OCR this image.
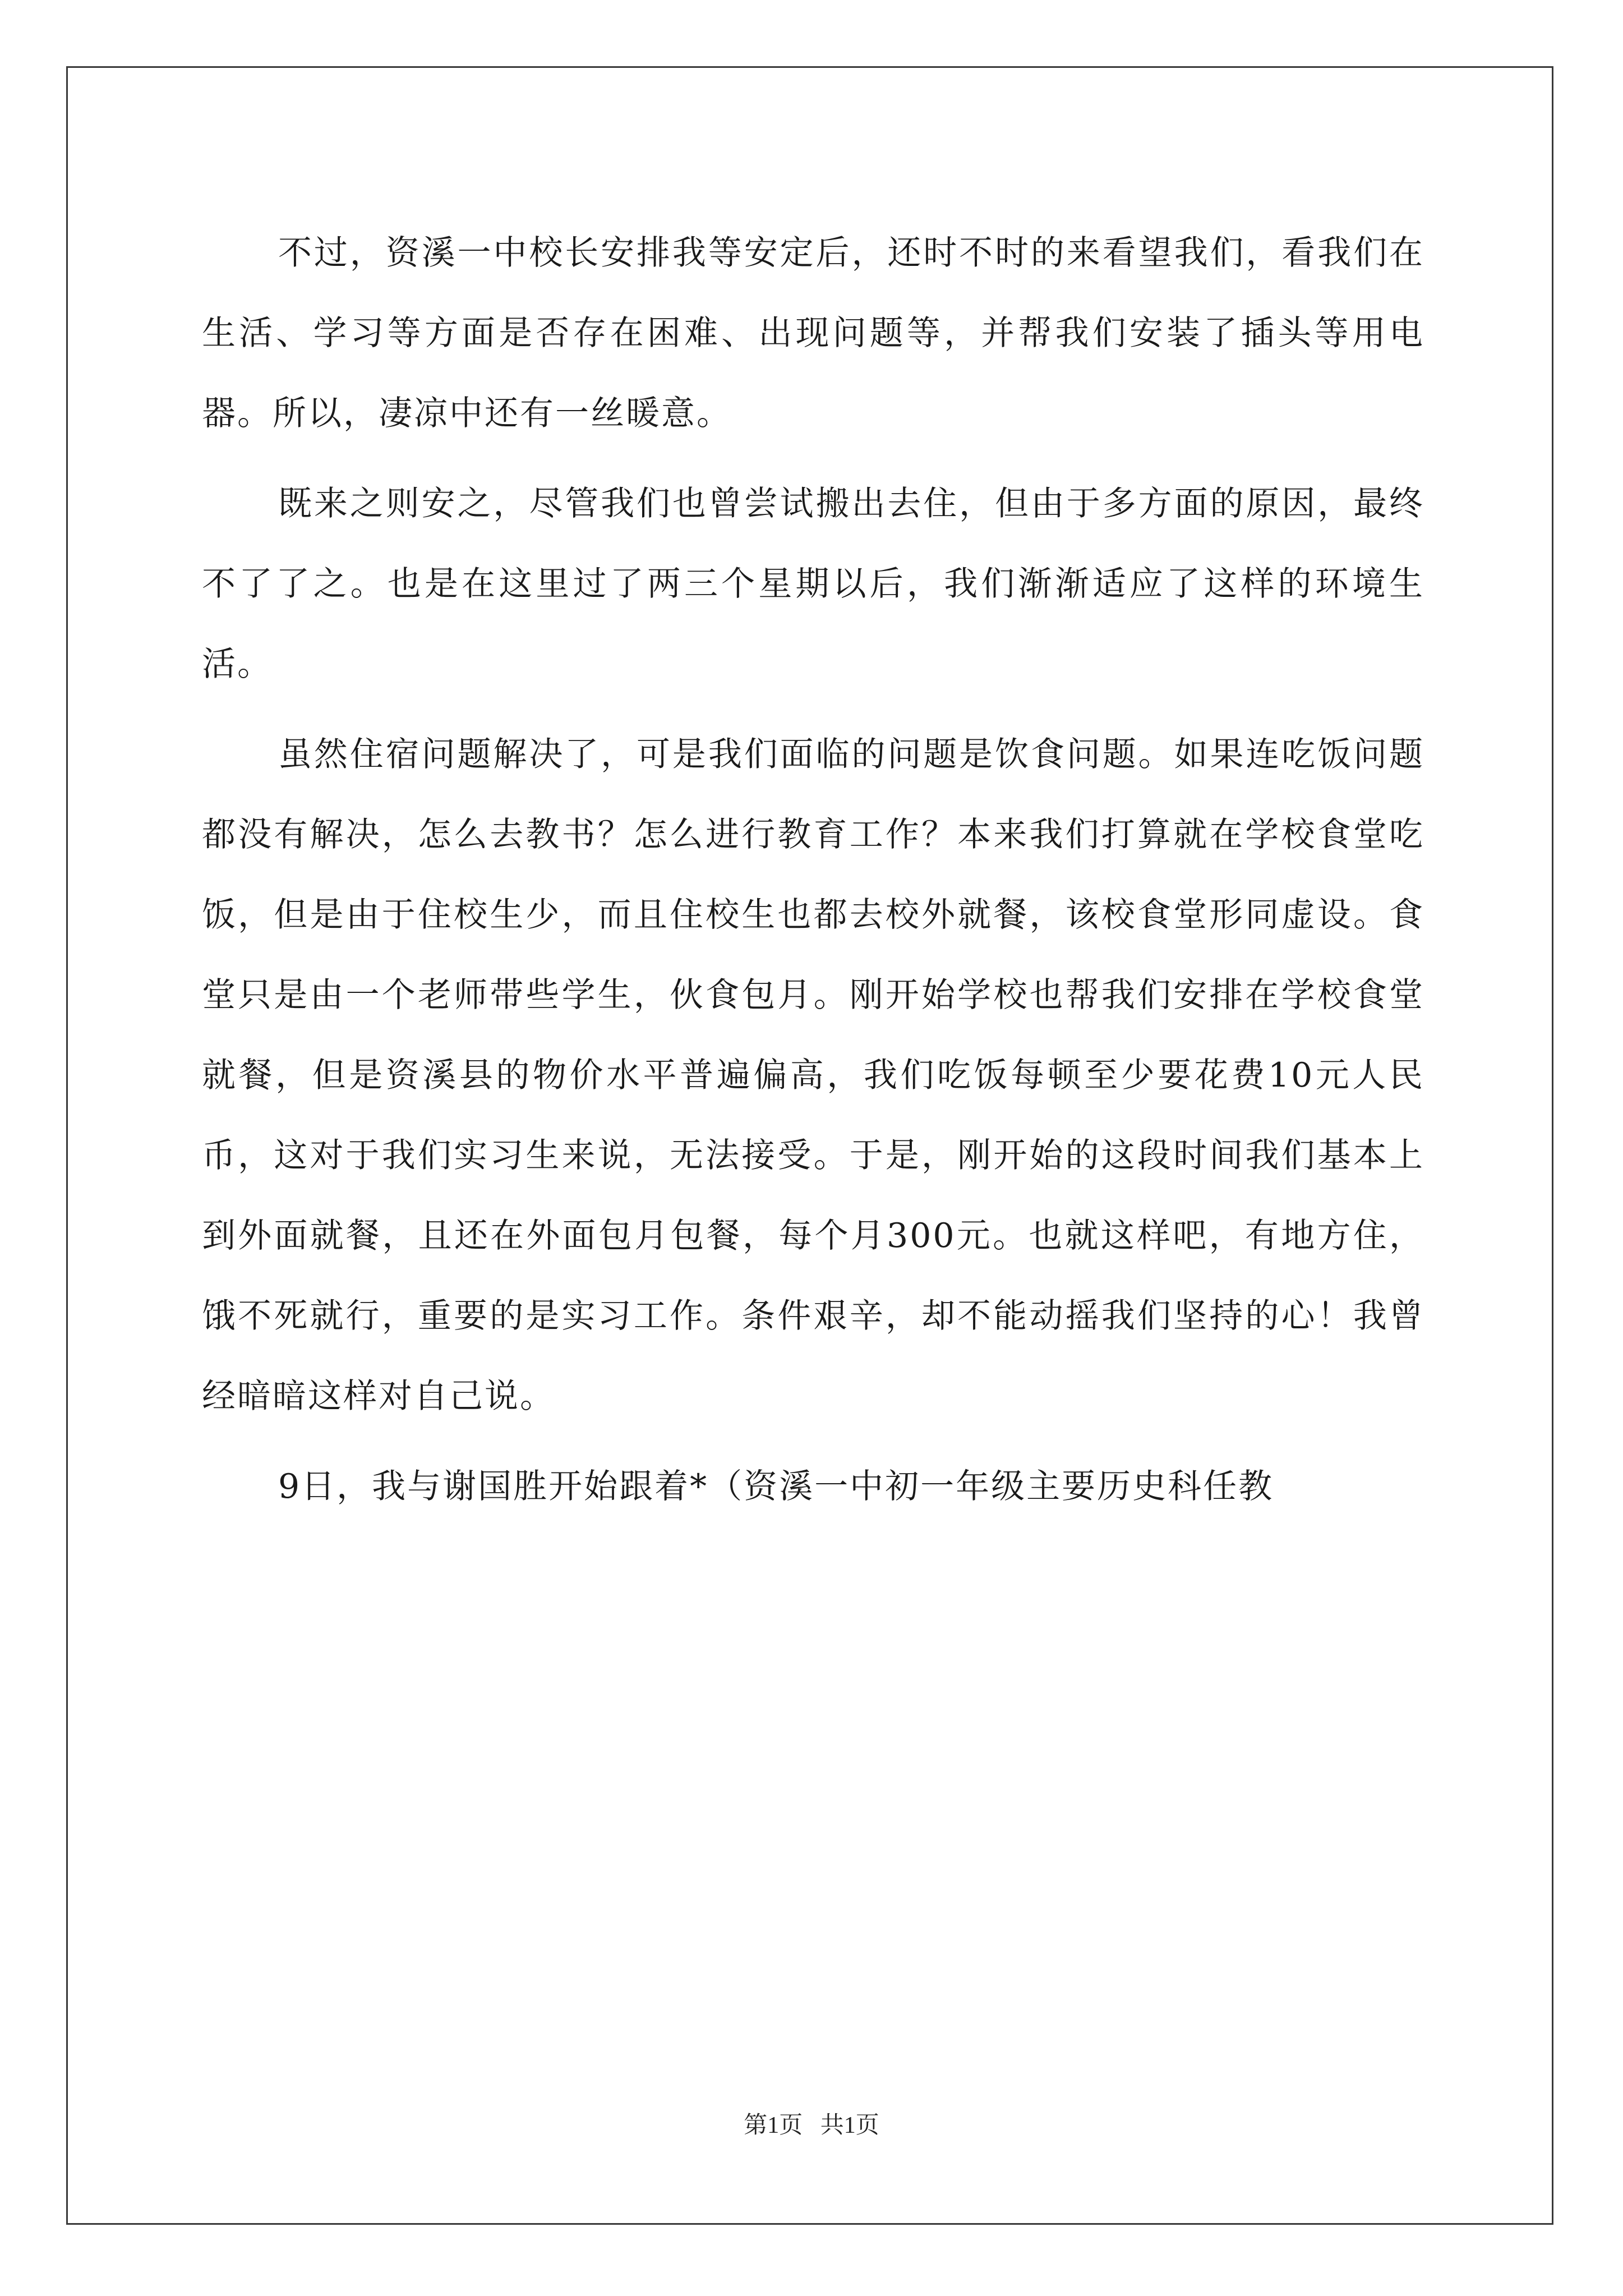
不过，资溪一中校长安排我等安定后，还时不时的来看望我们，看我们在生活、学习等方面是否存在困难、出现问题等，并帮我们安装了插头等用电器。所以，凄凉中还有一丝暖意。

既来之则安之，尽管我们也曾尝试搬出去住，但由于多方面的原因，最终不了了之。也是在这里过了两三个星期以后，我们渐渐适应了这样的环境生活。

虽然住宿问题解决了，可是我们面临的问题是饮食问题。如果连吃饭问题都没有解决，怎么去教书？怎么进行教育工作？本来我们打算就在学校食堂吃饭，但是由于住校生少，而且住校生也都去校外就餐，该校食堂形同虚设。食堂只是由一个老师带些学生，伙食包月。刚开始学校也帮我们安排在学校食堂就餐，但是资溪县的物价水平普遍偏高，我们吃饭每顿至少要花费10元人民币，这对于我们实习生来说，无法接受。于是，刚开始的这段时间我们基本上到外面就餐，且还在外面包月包餐，每个月300元。也就这样吧，有地方住，饿不死就行，重要的是实习工作。条件艰辛，却不能动摇我们坚持的心！我曾经暗暗这样对自己说。

9日，我与谢国胜开始跟着*（资溪一中初一年级主要历史科任教

第1页 共1页
